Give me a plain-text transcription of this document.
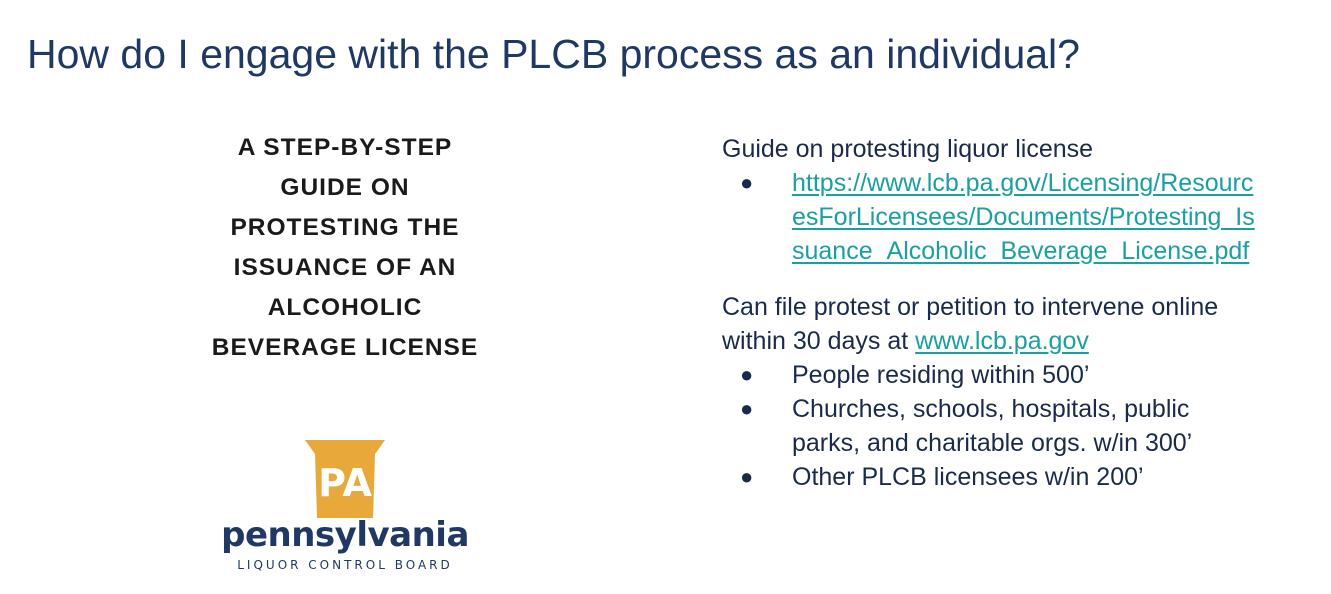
How do I engage with the PLCB process as an individual?
A STEP-BY-STEP
GUIDE ON
PROTESTING THE
ISSUANCE OF AN
ALCOHOLIC
BEVERAGE LICENSE
PA
pennsylvania
LIQUOR CONTROL BOARD

Guide on protesting liquor license

● https://www.lcb.pa.gov/Licensing/Resourc
esForLicensees/Documents/Protesting_Is
suance_Alcoholic_Beverage_License.pdf

Can file protest or petition to intervene online
within 30 days at www.lcb.pa.gov

● People residing within 500’
● Churches, schools, hospitals, public
parks, and charitable orgs. w/in 300’
● Other PLCB licensees w/in 200’
